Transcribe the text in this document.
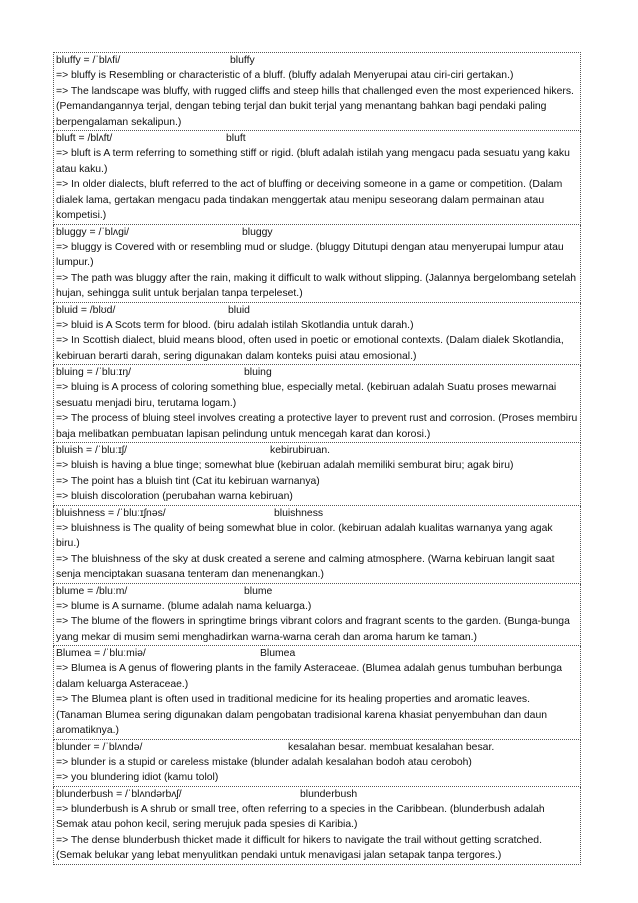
bluffy = /ˈblʌfi/	bluffy
=> bluffy is Resembling or characteristic of a bluff. (bluffy adalah Menyerupai atau ciri-ciri gertakan.)
=> The landscape was bluffy, with rugged cliffs and steep hills that challenged even the most experienced hikers. (Pemandangannya terjal, dengan tebing terjal dan bukit terjal yang menantang bahkan bagi pendaki paling berpengalaman sekalipun.)
bluft = /blʌft/	bluft
=> bluft is A term referring to something stiff or rigid. (bluft adalah istilah yang mengacu pada sesuatu yang kaku atau kaku.)
=> In older dialects, bluft referred to the act of bluffing or deceiving someone in a game or competition. (Dalam dialek lama, gertakan mengacu pada tindakan menggertak atau menipu seseorang dalam permainan atau kompetisi.)
bluggy = /ˈblʌɡi/	bluggy
=> bluggy is Covered with or resembling mud or sludge. (bluggy Ditutupi dengan atau menyerupai lumpur atau lumpur.)
=> The path was bluggy after the rain, making it difficult to walk without slipping. (Jalannya bergelombang setelah hujan, sehingga sulit untuk berjalan tanpa terpeleset.)
bluid = /blʊd/	bluid
=> bluid is A Scots term for blood. (biru adalah istilah Skotlandia untuk darah.)
=> In Scottish dialect, bluid means blood, often used in poetic or emotional contexts. (Dalam dialek Skotlandia, kebiruan berarti darah, sering digunakan dalam konteks puisi atau emosional.)
bluing = /ˈbluːɪŋ/	bluing
=> bluing is A process of coloring something blue, especially metal. (kebiruan adalah Suatu proses mewarnai sesuatu menjadi biru, terutama logam.)
=> The process of bluing steel involves creating a protective layer to prevent rust and corrosion. (Proses membiru baja melibatkan pembuatan lapisan pelindung untuk mencegah karat dan korosi.)
bluish = /ˈbluːɪʃ/	kebirubiruan.
=> bluish is having a blue tinge; somewhat blue (kebiruan adalah memiliki semburat biru; agak biru)
=> The point has a bluish tint (Cat itu kebiruan warnanya)
=> bluish discoloration (perubahan warna kebiruan)
bluishness = /ˈbluːɪʃnəs/	bluishness
=> bluishness is The quality of being somewhat blue in color. (kebiruan adalah kualitas warnanya yang agak biru.)
=> The bluishness of the sky at dusk created a serene and calming atmosphere. (Warna kebiruan langit saat senja menciptakan suasana tenteram dan menenangkan.)
blume = /bluːm/	blume
=> blume is A surname. (blume adalah nama keluarga.)
=> The blume of the flowers in springtime brings vibrant colors and fragrant scents to the garden. (Bunga-bunga yang mekar di musim semi menghadirkan warna-warna cerah dan aroma harum ke taman.)
Blumea = /ˈbluːmiə/	Blumea
=> Blumea is A genus of flowering plants in the family Asteraceae. (Blumea adalah genus tumbuhan berbunga dalam keluarga Asteraceae.)
=> The Blumea plant is often used in traditional medicine for its healing properties and aromatic leaves. (Tanaman Blumea sering digunakan dalam pengobatan tradisional karena khasiat penyembuhan dan daun aromatiknya.)
blunder = /ˈblʌndə/	kesalahan besar. membuat kesalahan besar.
=> blunder is a stupid or careless mistake (blunder adalah kesalahan bodoh atau ceroboh)
=> you blundering idiot (kamu tolol)
blunderbush = /ˈblʌndərbʌʃ/	blunderbush
=> blunderbush is A shrub or small tree, often referring to a species in the Caribbean. (blunderbush adalah Semak atau pohon kecil, sering merujuk pada spesies di Karibia.)
=> The dense blunderbush thicket made it difficult for hikers to navigate the trail without getting scratched. (Semak belukar yang lebat menyulitkan pendaki untuk menavigasi jalan setapak tanpa tergores.)
